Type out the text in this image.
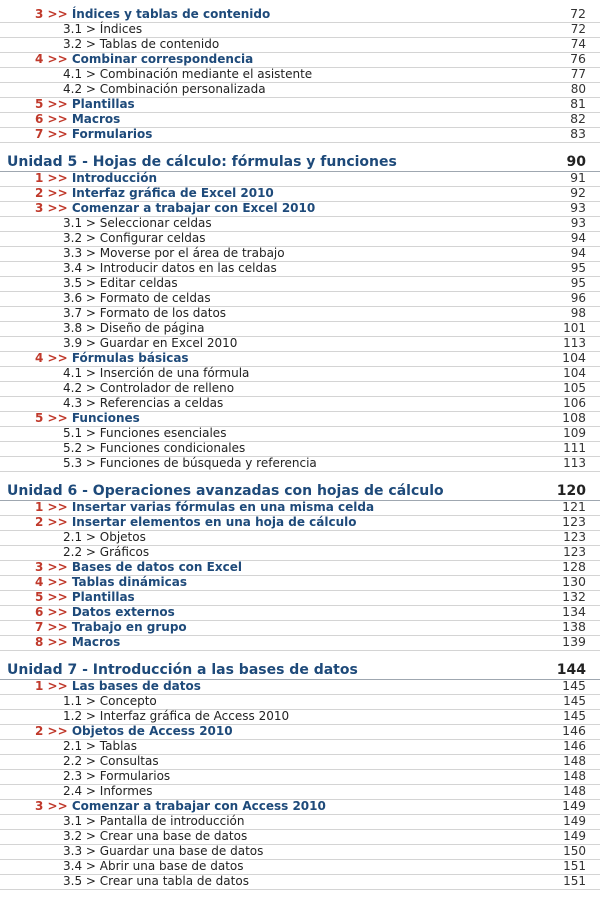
3 >> Índices y tablas de contenido	72
3.1 > Índices	72
3.2 > Tablas de contenido	74
4 >> Combinar correspondencia	76
4.1 > Combinación mediante el asistente	77
4.2 > Combinación personalizada	80
5 >> Plantillas	81
6 >> Macros	82
7 >> Formularios	83
Unidad 5 - Hojas de cálculo: fórmulas y funciones	90
1 >> Introducción	91
2 >> Interfaz gráfica de Excel 2010	92
3 >> Comenzar a trabajar con Excel 2010	93
3.1 > Seleccionar celdas	93
3.2 > Configurar celdas	94
3.3 > Moverse por el área de trabajo	94
3.4 > Introducir datos en las celdas	95
3.5 > Editar celdas	95
3.6 > Formato de celdas	96
3.7 > Formato de los datos	98
3.8 > Diseño de página	101
3.9 > Guardar en Excel 2010	113
4 >> Fórmulas básicas	104
4.1 > Inserción de una fórmula	104
4.2 > Controlador de relleno	105
4.3 > Referencias a celdas	106
5 >> Funciones	108
5.1 > Funciones esenciales	109
5.2 > Funciones condicionales	111
5.3 > Funciones de búsqueda y referencia	113
Unidad 6 - Operaciones avanzadas con hojas de cálculo	120
1 >> Insertar varias fórmulas en una misma celda	121
2 >> Insertar elementos en una hoja de cálculo	123
2.1 > Objetos	123
2.2 > Gráficos	123
3 >> Bases de datos con Excel	128
4 >> Tablas dinámicas	130
5 >> Plantillas	132
6 >> Datos externos	134
7 >> Trabajo en grupo	138
8 >> Macros	139
Unidad 7 - Introducción a las bases de datos	144
1 >> Las bases de datos	145
1.1 > Concepto	145
1.2 > Interfaz gráfica de Access 2010	145
2 >> Objetos de Access 2010	146
2.1 > Tablas	146
2.2 > Consultas	148
2.3 > Formularios	148
2.4 > Informes	148
3 >> Comenzar a trabajar con Access 2010	149
3.1 > Pantalla de introducción	149
3.2 > Crear una base de datos	149
3.3 > Guardar una base de datos	150
3.4 > Abrir una base de datos	151
3.5 > Crear una tabla de datos	151
